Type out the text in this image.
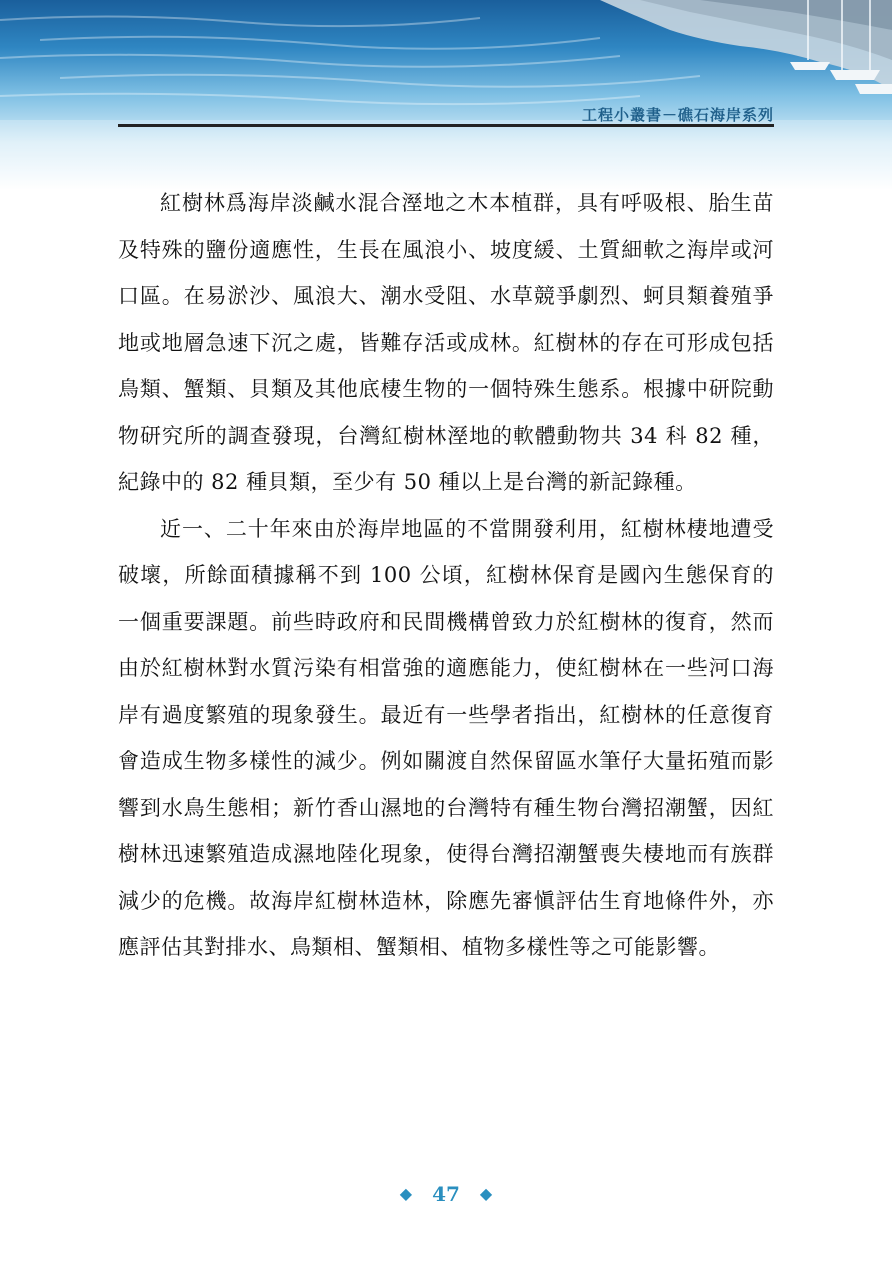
工程小叢書－礁石海岸系列

紅樹林爲海岸淡鹹水混合溼地之木本植群，具有呼吸根、胎生苗及特殊的鹽份適應性，生長在風浪小、坡度緩、土質細軟之海岸或河口區。在易淤沙、風浪大、潮水受阻、水草競爭劇烈、蚵貝類養殖爭地或地層急速下沉之處，皆難存活或成林。紅樹林的存在可形成包括鳥類、蟹類、貝類及其他底棲生物的一個特殊生態系。根據中研院動物研究所的調查發現，台灣紅樹林溼地的軟體動物共 34 科 82 種，紀錄中的 82 種貝類，至少有 50 種以上是台灣的新記錄種。

近一、二十年來由於海岸地區的不當開發利用，紅樹林棲地遭受破壞，所餘面積據稱不到 100 公頃，紅樹林保育是國內生態保育的一個重要課題。前些時政府和民間機構曾致力於紅樹林的復育，然而由於紅樹林對水質污染有相當強的適應能力，使紅樹林在一些河口海岸有過度繁殖的現象發生。最近有一些學者指出，紅樹林的任意復育會造成生物多樣性的減少。例如關渡自然保留區水筆仔大量拓殖而影響到水鳥生態相；新竹香山濕地的台灣特有種生物台灣招潮蟹，因紅樹林迅速繁殖造成濕地陸化現象，使得台灣招潮蟹喪失棲地而有族群減少的危機。故海岸紅樹林造林，除應先審愼評估生育地條件外，亦應評估其對排水、鳥類相、蟹類相、植物多樣性等之可能影響。

◆ 47 ◆
